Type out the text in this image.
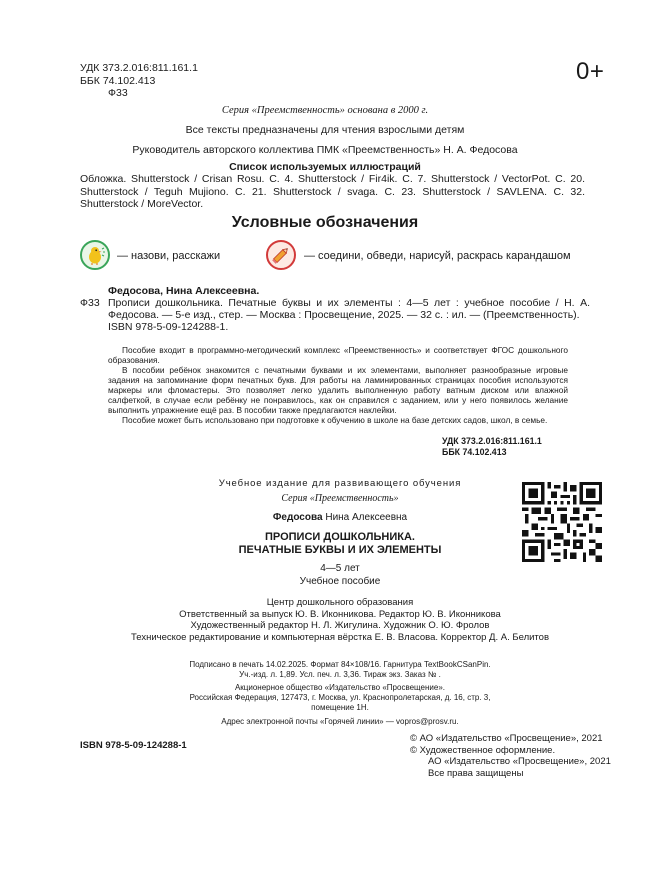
УДК 373.2.016:811.161.1
ББК 74.102.413
Ф33
0+
Серия «Преемственность» основана в 2000 г.
Все тексты предназначены для чтения взрослыми детям
Руководитель авторского коллектива ПМК «Преемственность» Н. А. Федосова
Список используемых иллюстраций
Обложка. Shutterstock / Crisan Rosu. С. 4. Shutterstock / Fir4ik. С. 7. Shutterstock / VectorPot. С. 20. Shutterstock / Teguh Mujiono. С. 21. Shutterstock / svaga. С. 23. Shutterstock / SAVLENA. С. 32. Shutterstock / MoreVector.
Условные обозначения
— назови, расскажи	— соедини, обведи, нарисуй, раскрась карандашом
Федосова, Нина Алексеевна.
Ф33 Прописи дошкольника. Печатные буквы и их элементы : 4—5 лет : учебное пособие / Н. А. Федосова. — 5-е изд., стер. — Москва : Просвещение, 2025. — 32 с. : ил. — (Преемственность).
ISBN 978-5-09-124288-1.

Пособие входит в программно-методический комплекс «Преемственность» и соответствует ФГОС дошкольного образования.

В пособии ребёнок знакомится с печатными буквами и их элементами, выполняет разнообразные игровые задания на запоминание форм печатных букв. Для работы на ламинированных страницах пособия используются маркеры или фломастеры. Это позволяет легко удалить выполненную работу ватным диском или влажной салфеткой, в случае если ребёнку не понравилось, как он справился с заданием, или у него появилось желание выполнить упражнение ещё раз. В пособии также предлагаются наклейки.

Пособие может быть использовано при подготовке к обучению в школе на базе детских садов, школ, в семье.

УДК 373.2.016:811.161.1
ББК 74.102.413
Учебное издание для развивающего обучения
Серия «Преемственность»
Федосова Нина Алексеевна
ПРОПИСИ ДОШКОЛЬНИКА.
ПЕЧАТНЫЕ БУКВЫ И ИХ ЭЛЕМЕНТЫ
4—5 лет
Учебное пособие
Центр дошкольного образования
Ответственный за выпуск Ю. В. Иконникова. Редактор Ю. В. Иконникова
Художественный редактор Н. Л. Жигулина. Художник О. Ю. Фролов
Техническое редактирование и компьютерная вёрстка Е. В. Власова. Корректор Д. А. Белитов
Подписано в печать 14.02.2025. Формат 84×108/16. Гарнитура TextBookCSanPin.
Уч.-изд. л. 1,89. Усл. печ. л. 3,36. Тираж экз. Заказ № .
Акционерное общество «Издательство «Просвещение».
Российская Федерация, 127473, г. Москва, ул. Краснопролетарская, д. 16, стр. 3,
помещение 1Н.
Адрес электронной почты «Горячей линии» — vopros@prosv.ru.
ISBN 978-5-09-124288-1
© АО «Издательство «Просвещение», 2021
© Художественное оформление.
АО «Издательство «Просвещение», 2021
Все права защищены
